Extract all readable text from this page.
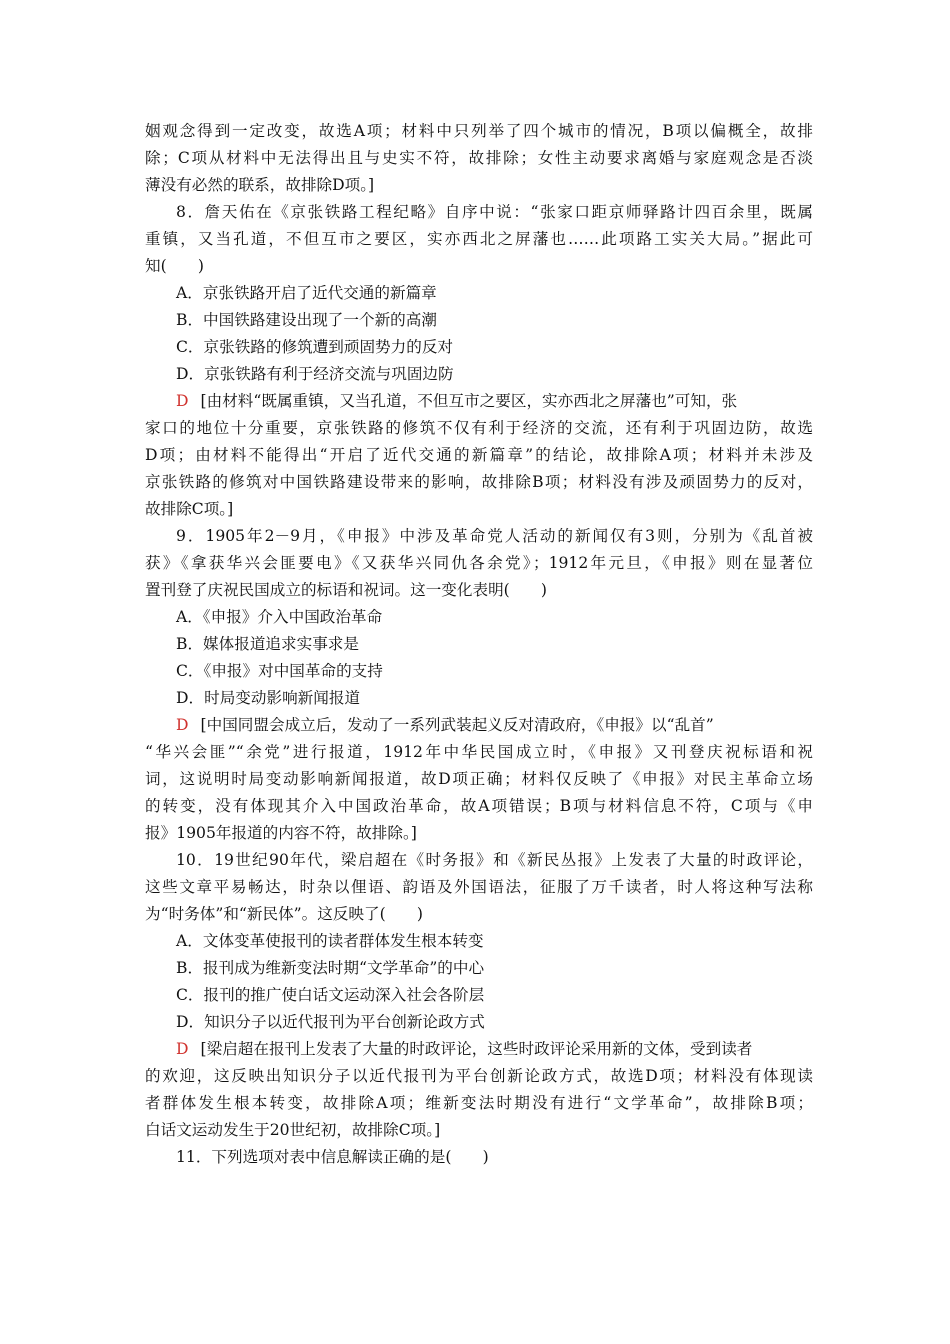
姻观念得到一定改变，故选A项；材料中只列举了四个城市的情况，B项以偏概全，故排
除；C项从材料中无法得出且与史实不符，故排除；女性主动要求离婚与家庭观念是否淡
薄没有必然的联系，故排除D项。]
8．詹天佑在《京张铁路工程纪略》自序中说：“张家口距京师驿路计四百余里，既属
重镇，又当孔道，不但互市之要区，实亦西北之屏藩也……此项路工实关大局。”据此可
知(　　)
A．京张铁路开启了近代交通的新篇章
B．中国铁路建设出现了一个新的高潮
C．京张铁路的修筑遭到顽固势力的反对
D．京张铁路有利于经济交流与巩固边防
D [由材料“既属重镇，又当孔道，不但互市之要区，实亦西北之屏藩也”可知，张
家口的地位十分重要，京张铁路的修筑不仅有利于经济的交流，还有利于巩固边防，故选
D项；由材料不能得出“开启了近代交通的新篇章”的结论，故排除A项；材料并未涉及
京张铁路的修筑对中国铁路建设带来的影响，故排除B项；材料没有涉及顽固势力的反对，
故排除C项。]
9．1905年2－9月，《申报》中涉及革命党人活动的新闻仅有3则，分别为《乱首被
获》《拿获华兴会匪要电》《又获华兴同仇各余党》；1912年元旦，《申报》则在显著位
置刊登了庆祝民国成立的标语和祝词。这一变化表明(　　)
A．《申报》介入中国政治革命
B．媒体报道追求实事求是
C．《申报》对中国革命的支持
D．时局变动影响新闻报道
D [中国同盟会成立后，发动了一系列武装起义反对清政府，《申报》以“乱首”
“华兴会匪”“余党”进行报道，1912年中华民国成立时，《申报》又刊登庆祝标语和祝
词，这说明时局变动影响新闻报道，故D项正确；材料仅反映了《申报》对民主革命立场
的转变，没有体现其介入中国政治革命，故A项错误；B项与材料信息不符，C项与《申
报》1905年报道的内容不符，故排除。]
10．19世纪90年代，梁启超在《时务报》和《新民丛报》上发表了大量的时政评论，
这些文章平易畅达，时杂以俚语、韵语及外国语法，征服了万千读者，时人将这种写法称
为“时务体”和“新民体”。这反映了(　　)
A．文体变革使报刊的读者群体发生根本转变
B．报刊成为维新变法时期“文学革命”的中心
C．报刊的推广使白话文运动深入社会各阶层
D．知识分子以近代报刊为平台创新论政方式
D [梁启超在报刊上发表了大量的时政评论，这些时政评论采用新的文体，受到读者
的欢迎，这反映出知识分子以近代报刊为平台创新论政方式，故选D项；材料没有体现读
者群体发生根本转变，故排除A项；维新变法时期没有进行“文学革命”，故排除B项；
白话文运动发生于20世纪初，故排除C项。]
11．下列选项对表中信息解读正确的是(　　)
